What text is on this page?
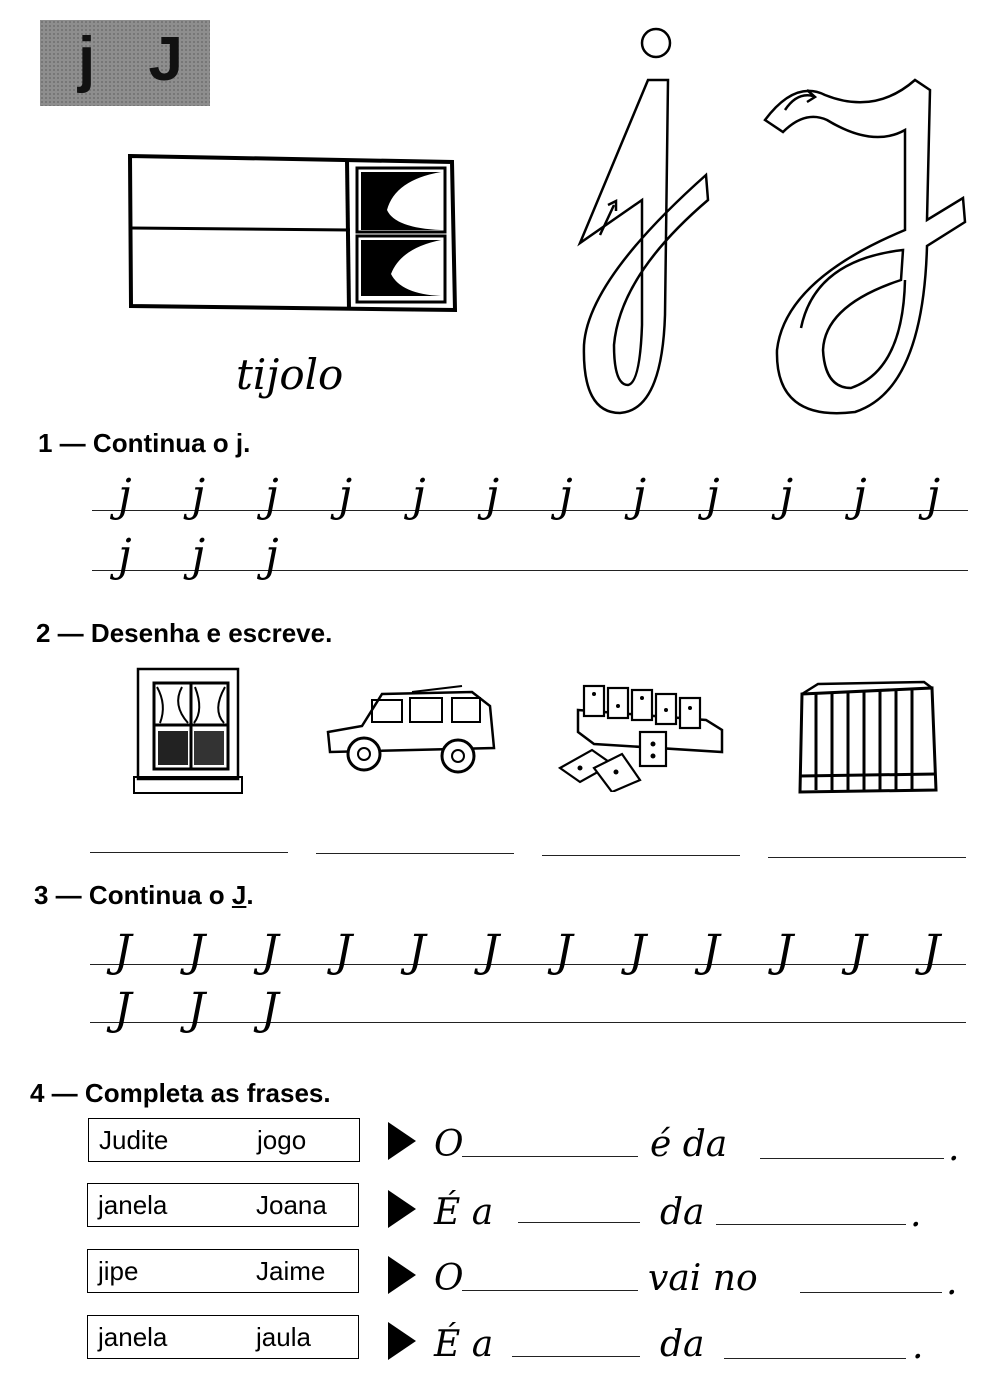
j J
tijolo
1 — Continua o j.
j j j j j j j j j j j j
j j j
2 — Desenha e escreve.
3 — Continua o J.
J J J J J J J J J J J J
J J J
4 — Completa as frases.
Judite	jogo
janela	Joana
jipe	Jaime
janela	jaula
O	é da	.
É a	da	.
O	vai no	.
É a	da	.
